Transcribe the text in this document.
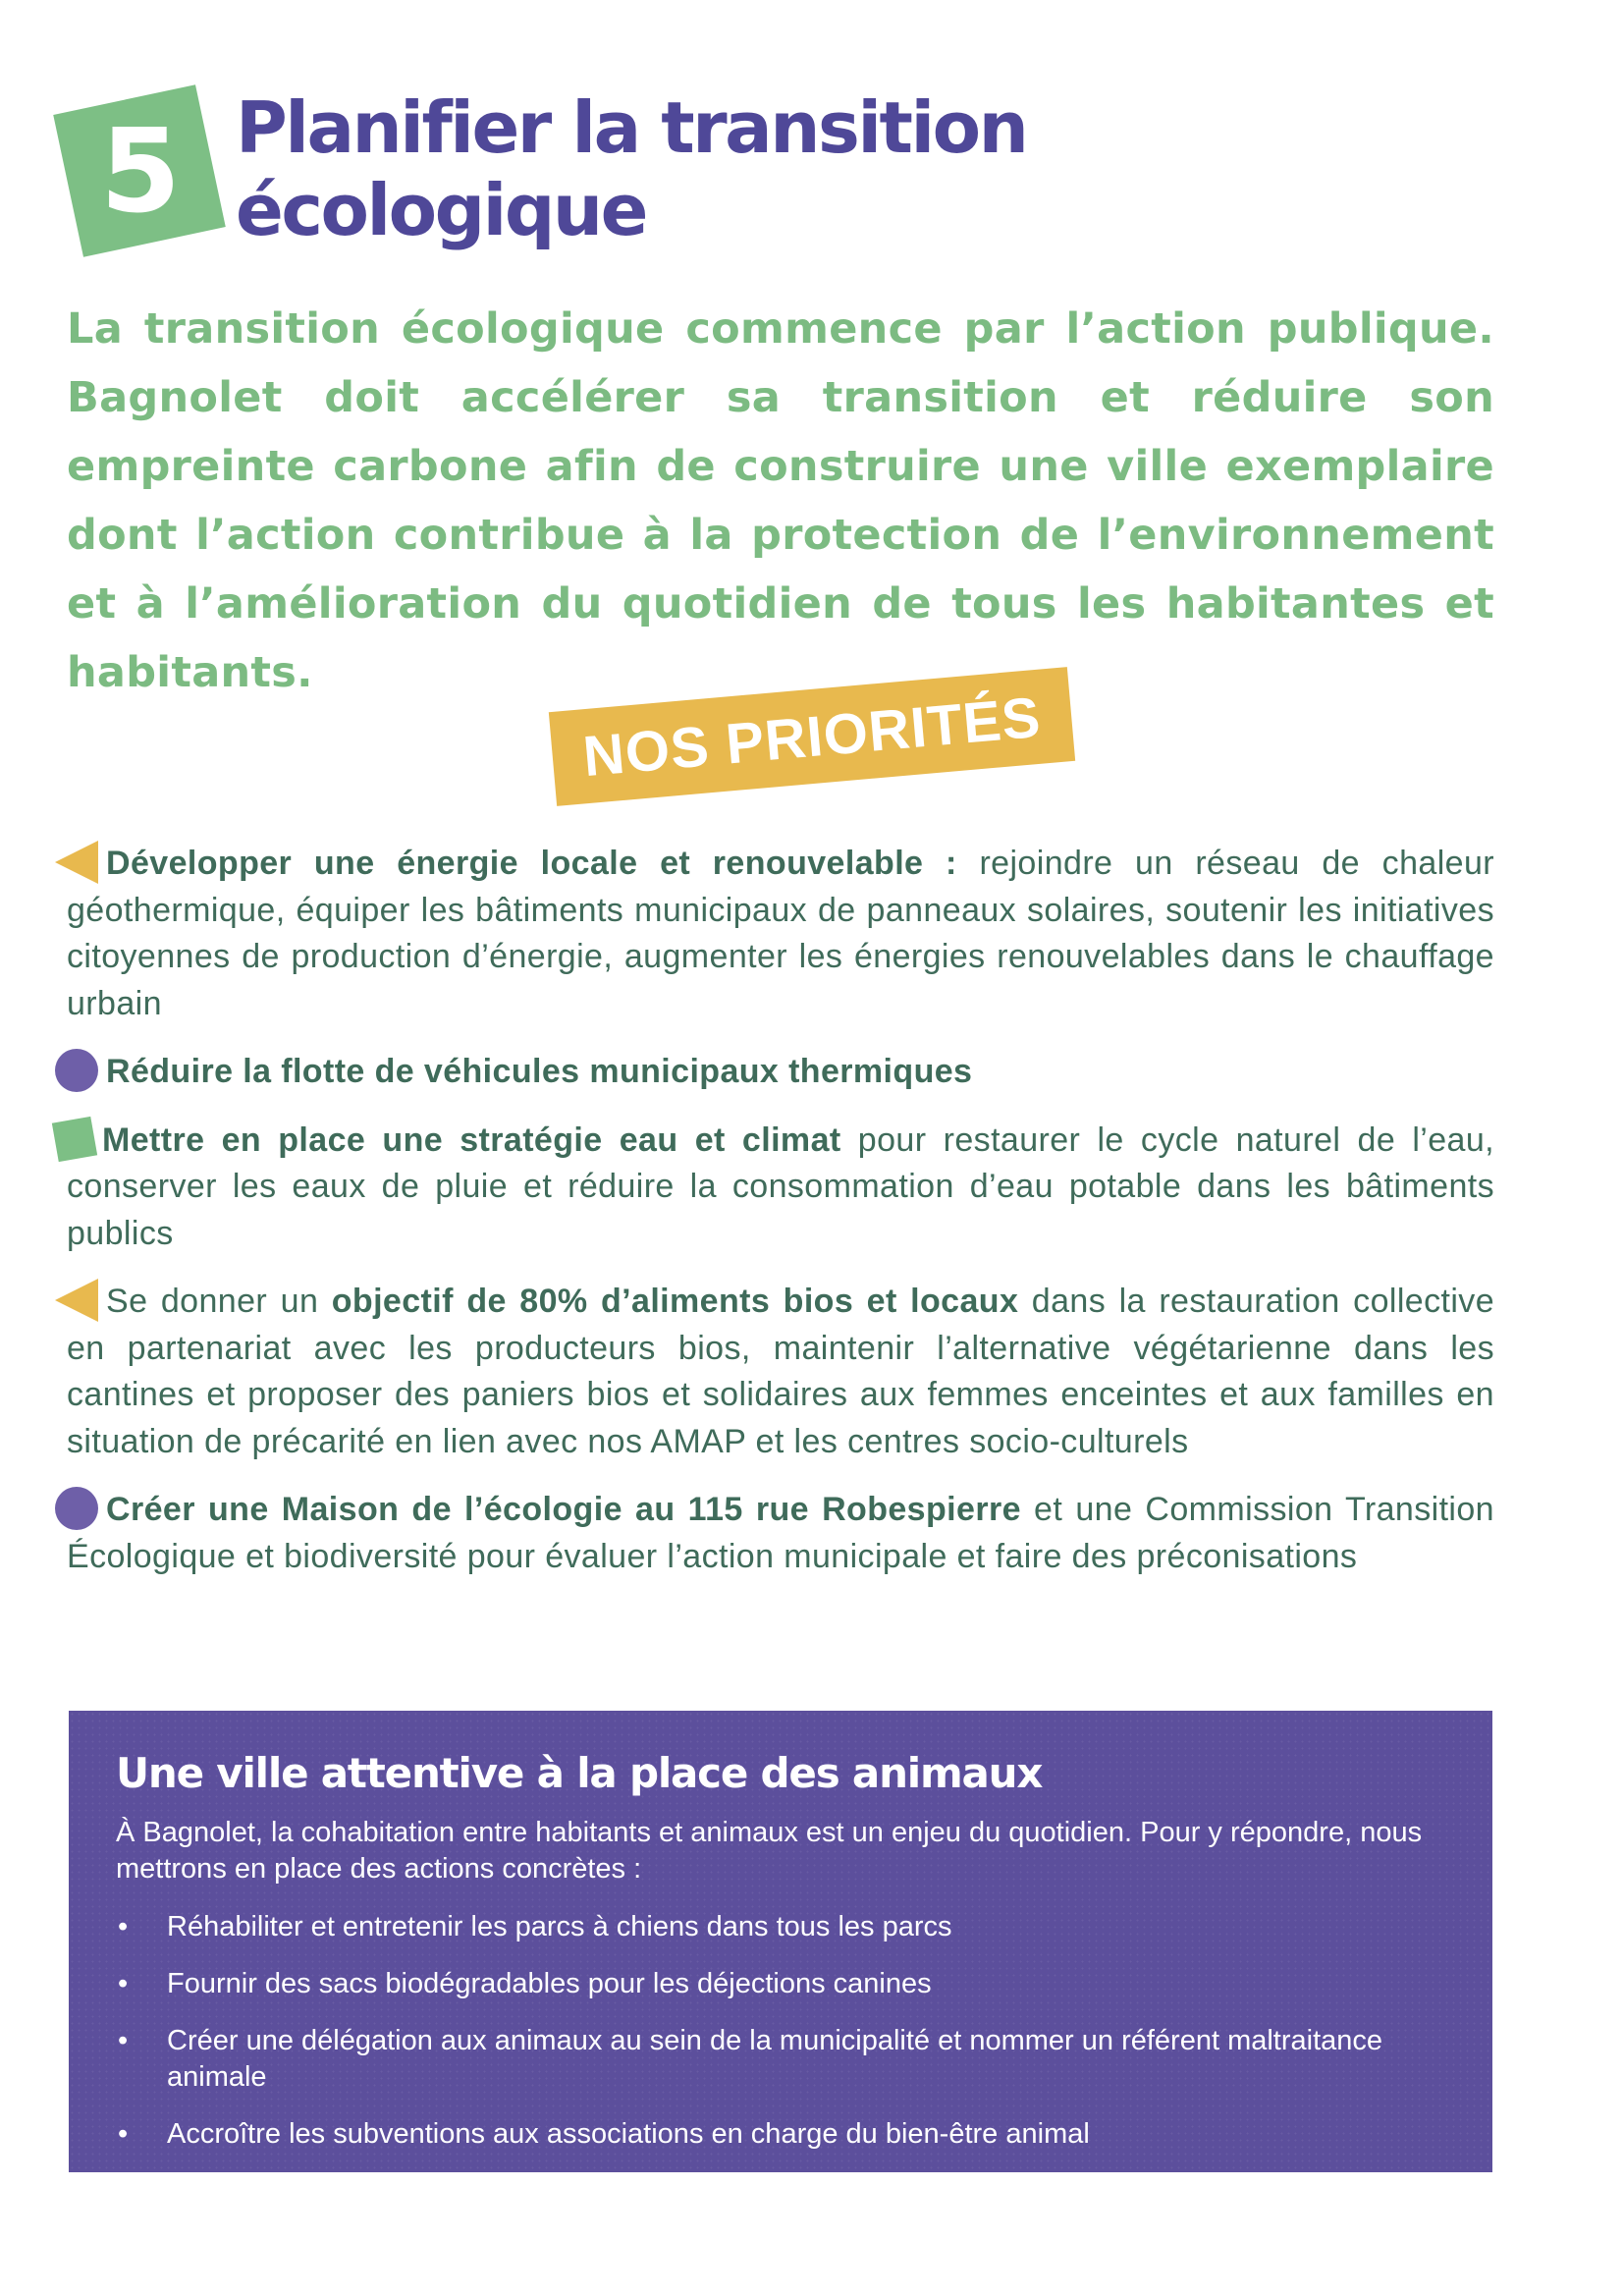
5 Planifier la transition
écologique

La transition écologique commence par l’action publique. Bagnolet doit accélérer sa transition et réduire son empreinte carbone afin de construire une ville exemplaire dont l’action contribue à la protection de l’environnement et à l’amélioration du quotidien de tous les habitantes et habitants.

NOS PRIORITÉS

Développer une énergie locale et renouvelable : rejoindre un réseau de chaleur géothermique, équiper les bâtiments municipaux de panneaux solaires, soutenir les initiatives citoyennes de production d’énergie, augmenter les énergies renouvelables dans le chauffage urbain

Réduire la flotte de véhicules municipaux thermiques

Mettre en place une stratégie eau et climat pour restaurer le cycle naturel de l’eau, conserver les eaux de pluie et réduire la consommation d’eau potable dans les bâtiments publics

Se donner un objectif de 80% d’aliments bios et locaux dans la restauration collective en partenariat avec les producteurs bios, maintenir l’alternative végétarienne dans les cantines et proposer des paniers bios et solidaires aux femmes enceintes et aux familles en situation de précarité en lien avec nos AMAP et les centres socio-culturels

Créer une Maison de l’écologie au 115 rue Robespierre et une Commission Transition Écologique et biodiversité pour évaluer l’action municipale et faire des préconisations

Une ville attentive à la place des animaux

À Bagnolet, la cohabitation entre habitants et animaux est un enjeu du quotidien. Pour y répondre, nous mettrons en place des actions concrètes :

• Réhabiliter et entretenir les parcs à chiens dans tous les parcs
• Fournir des sacs biodégradables pour les déjections canines
• Créer une délégation aux animaux au sein de la municipalité et nommer un référent maltraitance animale
• Accroître les subventions aux associations en charge du bien-être animal
